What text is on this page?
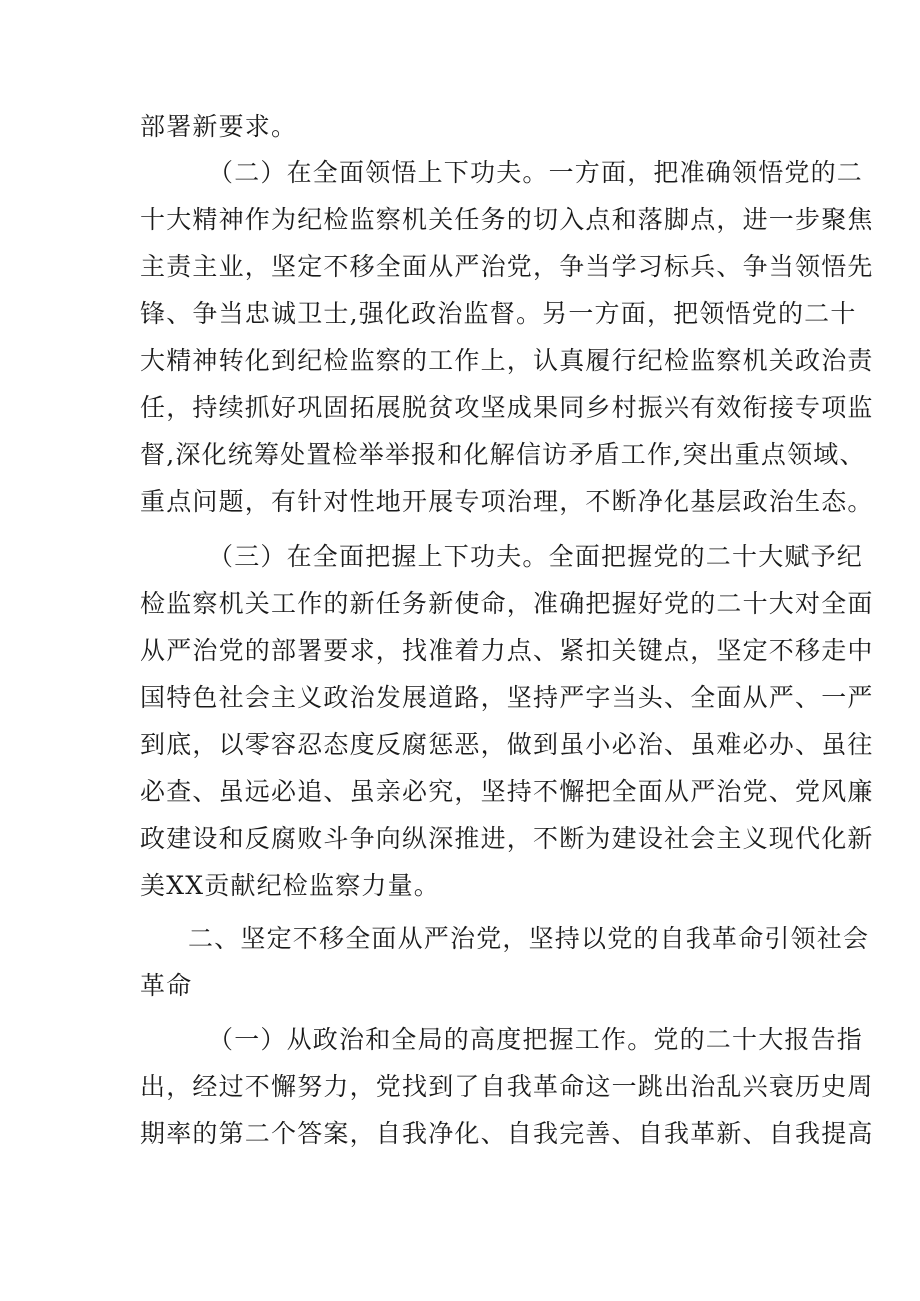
部署新要求。
（二）在全面领悟上下功夫。一方面，把准确领悟党的二
十大精神作为纪检监察机关任务的切入点和落脚点，进一步聚焦
主责主业，坚定不移全面从严治党，争当学习标兵、争当领悟先
锋、争当忠诚卫士,强化政治监督。另一方面，把领悟党的二十
大精神转化到纪检监察的工作上，认真履行纪检监察机关政治责
任，持续抓好巩固拓展脱贫攻坚成果同乡村振兴有效衔接专项监
督,深化统筹处置检举举报和化解信访矛盾工作,突出重点领域、
重点问题，有针对性地开展专项治理，不断净化基层政治生态。
（三）在全面把握上下功夫。全面把握党的二十大赋予纪
检监察机关工作的新任务新使命，准确把握好党的二十大对全面
从严治党的部署要求，找准着力点、紧扣关键点，坚定不移走中
国特色社会主义政治发展道路，坚持严字当头、全面从严、一严
到底，以零容忍态度反腐惩恶，做到虽小必治、虽难必办、虽往
必查、虽远必追、虽亲必究，坚持不懈把全面从严治党、党风廉
政建设和反腐败斗争向纵深推进，不断为建设社会主义现代化新
美XX贡献纪检监察力量。
二、坚定不移全面从严治党，坚持以党的自我革命引领社会
革命
（一）从政治和全局的高度把握工作。党的二十大报告指
出，经过不懈努力，党找到了自我革命这一跳出治乱兴衰历史周
期率的第二个答案，自我净化、自我完善、自我革新、自我提高
